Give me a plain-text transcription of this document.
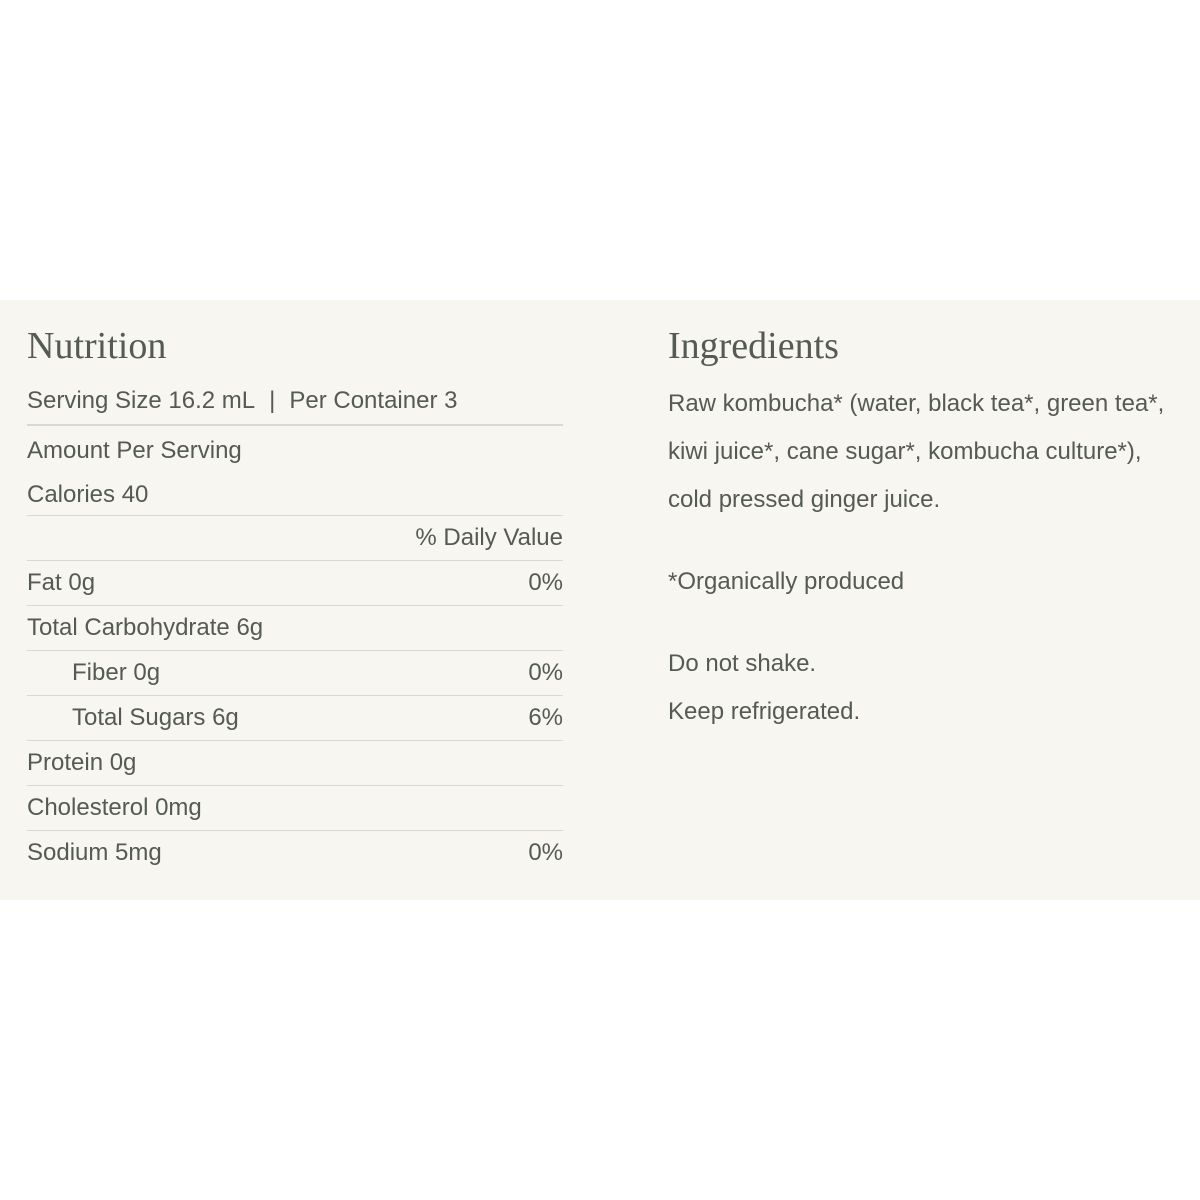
Nutrition
Serving Size 16.2 mL | Per Container 3
Amount Per Serving
Calories 40
% Daily Value
Fat 0g	0%
Total Carbohydrate 6g
Fiber 0g	0%
Total Sugars 6g	6%
Protein 0g
Cholesterol 0mg
Sodium 5mg	0%
Ingredients
Raw kombucha* (water, black tea*, green tea*,
kiwi juice*, cane sugar*, kombucha culture*),
cold pressed ginger juice.
*Organically produced
Do not shake.
Keep refrigerated.
